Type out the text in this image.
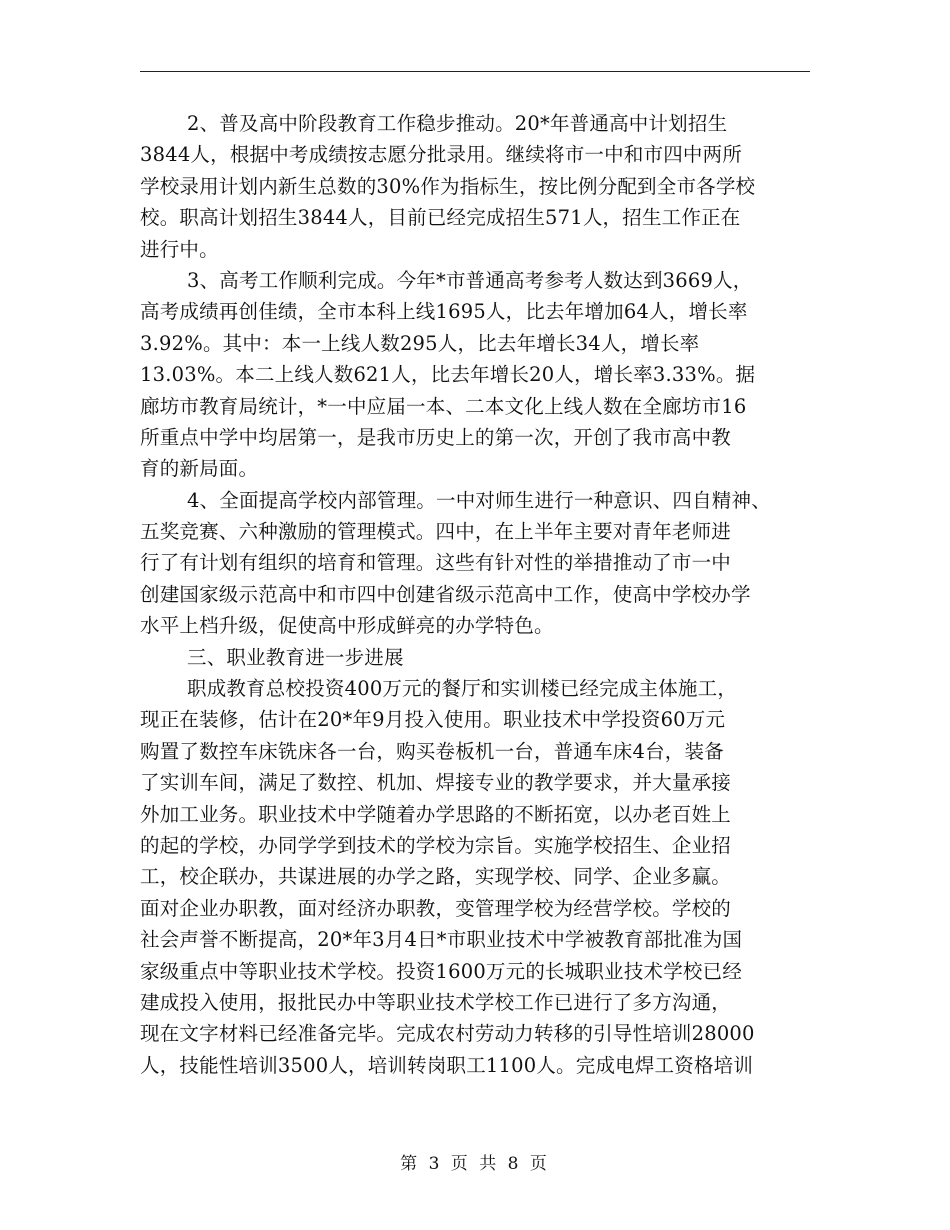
2、普及高中阶段教育工作稳步推动。20*年普通高中计划招生
3844人，根据中考成绩按志愿分批录用。继续将市一中和市四中两所
学校录用计划内新生总数的30%作为指标生，按比例分配到全市各学校
校。职高计划招生3844人，目前已经完成招生571人，招生工作正在
进行中。
3、高考工作顺利完成。今年*市普通高考参考人数达到3669人，
高考成绩再创佳绩，全市本科上线1695人，比去年增加64人，增长率
3.92%。其中：本一上线人数295人，比去年增长34人，增长率
13.03%。本二上线人数621人，比去年增长20人，增长率3.33%。据
廊坊市教育局统计，*一中应届一本、二本文化上线人数在全廊坊市16
所重点中学中均居第一，是我市历史上的第一次，开创了我市高中教
育的新局面。
4、全面提高学校内部管理。一中对师生进行一种意识、四自精神、
五奖竞赛、六种激励的管理模式。四中，在上半年主要对青年老师进
行了有计划有组织的培育和管理。这些有针对性的举措推动了市一中
创建国家级示范高中和市四中创建省级示范高中工作，使高中学校办学
水平上档升级，促使高中形成鲜亮的办学特色。
三、职业教育进一步进展
职成教育总校投资400万元的餐厅和实训楼已经完成主体施工，
现正在装修，估计在20*年9月投入使用。职业技术中学投资60万元
购置了数控车床铣床各一台，购买卷板机一台，普通车床4台，装备
了实训车间，满足了数控、机加、焊接专业的教学要求，并大量承接
外加工业务。职业技术中学随着办学思路的不断拓宽，以办老百姓上
的起的学校，办同学学到技术的学校为宗旨。实施学校招生、企业招
工，校企联办，共谋进展的办学之路，实现学校、同学、企业多赢。
面对企业办职教，面对经济办职教，变管理学校为经营学校。学校的
社会声誉不断提高，20*年3月4日*市职业技术中学被教育部批准为国
家级重点中等职业技术学校。投资1600万元的长城职业技术学校已经
建成投入使用，报批民办中等职业技术学校工作已进行了多方沟通，
现在文字材料已经准备完毕。完成农村劳动力转移的引导性培训28000
人，技能性培训3500人，培训转岗职工1100人。完成电焊工资格培训
第 3 页 共 8 页
